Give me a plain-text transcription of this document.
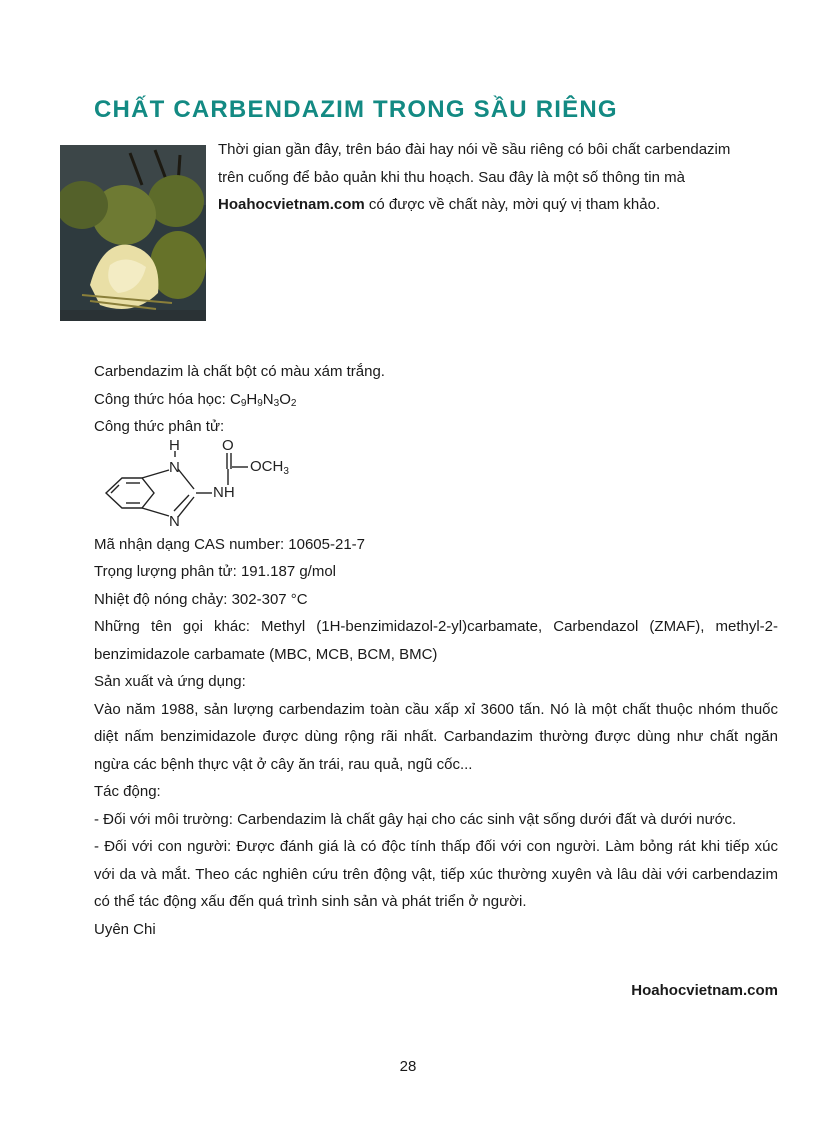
CHẤT CARBENDAZIM TRONG SẦU RIÊNG
Thời gian gần đây, trên báo đài hay nói về sầu riêng có bôi chất carbendazim trên cuống để bảo quản khi thu hoạch. Sau đây là một số thông tin mà Hoahocvietnam.com có được về chất này, mời quý vị tham khảo.
Carbendazim là chất bột có màu xám trắng.
Công thức hóa học: $C_9H_9N_3O_2$
Công thức phân tử:
H
N
N
NH
O
$OCH_3$
Mã nhận dạng CAS number: 10605-21-7
Trọng lượng phân tử: 191.187 g/mol
Nhiệt độ nóng chảy: 302-307 °C
Những tên gọi khác: Methyl (1H-benzimidazol-2-yl)carbamate, Carbendazol (ZMAF), methyl-2-benzimidazole carbamate (MBC, MCB, BCM, BMC)
Sản xuất và ứng dụng:
Vào năm 1988, sản lượng carbendazim toàn cầu xấp xỉ 3600 tấn. Nó là một chất thuộc nhóm thuốc diệt nấm benzimidazole được dùng rộng rãi nhất. Carbandazim thường được dùng như chất ngăn ngừa các bệnh thực vật ở cây ăn trái, rau quả, ngũ cốc...
Tác động:
- Đối với môi trường: Carbendazim là chất gây hại cho các sinh vật sống dưới đất và dưới nước.
- Đối với con người: Được đánh giá là có độc tính thấp đối với con người. Làm bỏng rát khi tiếp xúc với da và mắt. Theo các nghiên cứu trên động vật, tiếp xúc thường xuyên và lâu dài với carbendazim có thể tác động xấu đến quá trình sinh sản và phát triển ở người.
Uyên Chi
Hoahocvietnam.com
28
